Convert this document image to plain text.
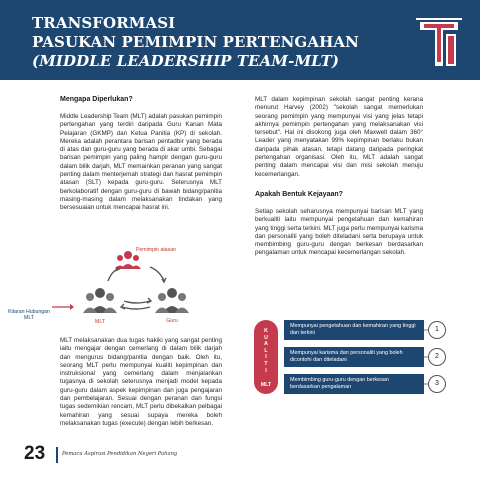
TRANSFORMASI
PASUKAN PEMIMPIN PERTENGAHAN
(MIDDLE LEADERSHIP TEAM-MLT)
Mengapa Diperlukan?
Middle Leadership Team (MLT) adalah pasukan pemimpin pertengahan yang terdiri daripada Guru Kanan Mata Pelajaran (GKMP) dan Ketua Panitia (KP) di sekolah. Mereka adalah perantara barisan pentadbir yang berada di atas dan guru-guru yang berada di akar umbi. Sebagai barisan pemimpin yang paling hampir dengan guru-guru dalam bilik darjah, MLT memainkan peranan yang sangat penting dalam menterjemah strategi dan hasrat pemimpin atasan (SLT) kepada guru-guru. Seterusnya MLT berkolaboratif dengan guru-guru di bawah bidang/panitia masing-masing dalam melaksanakan tindakan yang bersesuaian untuk mencapai hasrat ini.
Pemimpin atasan
Kitaran Hubungan MLT
MLT	Guru
MLT melaksanakan dua tugas hakiki yang sangat penting iaitu mengajar dengan cemerlang di dalam bilik darjah dan mengurus bidang/panitia dengan baik. Oleh itu, seorang MLT perlu mempunyai kualiti kepimpinan dan instruksional yang cemerlang dalam menjalankan tugasnya di sekolah seterusnya menjadi model kepada guru-guru dalam aspek kepimpinan dan juga pengajaran dan pembelajaran. Sesuai dengan peranan dan fungsi tugas sedemikian rencam, MLT perlu dibekalkan pelbagai kemahiran yang sesuai supaya mereka boleh melaksanakan tugas (execute) dengan lebih berkesan.
MLT dalam kepimpinan sekolah sangat penting kerana menurut Harvey (2002) "sekolah sangat memerlukan seorang pemimpin yang mempunyai visi yang jelas tetapi akhirnya pemimpin pertengahan yang melaksanakan visi tersebut". Hal ini disokong juga oleh Maxwell dalam 360° Leader yang menyatakan 99% kepimpinan berlaku bukan daripada pihak atasan, tetapi datang daripada peringkat pertengahan organisasi. Oleh itu, MLT adalah sangat penting dalam mencapai visi dan misi sekolah menuju kecemerlangan.
Apakah Bentuk Kejayaan?
Setiap sekolah seharusnya mempunyai barisan MLT yang berkualiti iaitu mempunyai pengetahuan dan kemahiran yang tinggi serta terkini. MLT juga perlu mempunyai karisma dan personaliti yang boleh diteladani serta berupaya untuk membimbing guru-guru dengan berkesan berdasarkan pengalaman untuk mencapai kecemerlangan sekolah.
K
U
A
L
I
T
I
MLT
Mempunyai pengetahuan dan kemahiran yang tinggi dan terkini	1
Mempunyai karisma dan personaliti yang boleh dicontohi dan diteladani	2
Membimbing guru-guru dengan berkesan berdasarkan pengalaman	3
23	Pemacu Aspirasi Pendidikan Negeri Pahang
